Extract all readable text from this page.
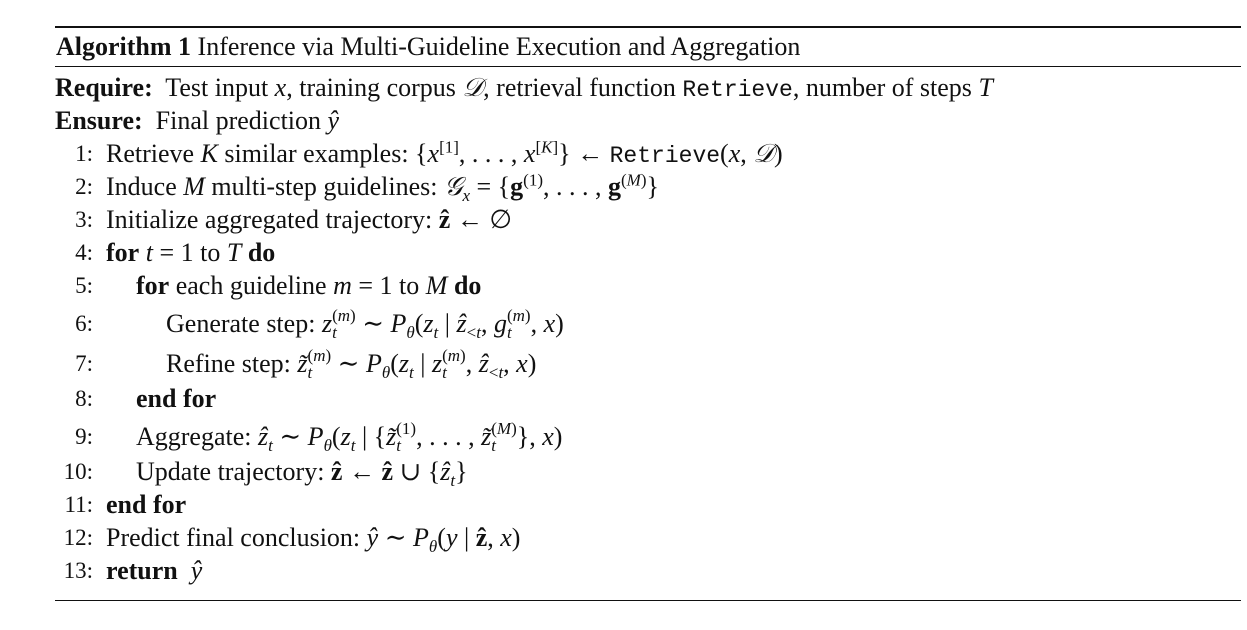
Algorithm 1 Inference via Multi-Guideline Execution and Aggregation
Require: Test input x, training corpus 𝒟, retrieval function Retrieve, number of steps T
Ensure: Final prediction ŷ
1: Retrieve K similar examples: {x[1], . . . , x[K]} ← Retrieve(x, 𝒟)
2: Induce M multi-step guidelines: 𝒢$_x$ = {$g^{(1)}$, . . . , $g^{(M)}$}
3: Initialize aggregated trajectory: ẑ ← ∅
4: for t = 1 to T do
5: for each guideline m = 1 to M do
6:	Generate step: z (m)
t ∼ $P_\theta(z_t$ | ẑ$_{<t}$, g (m)
t , x)
7:	Refine step: z̃ (m)
t ∼ $P_\theta(z_t$ | z (m)
t , ẑ$_{<t}$, x)
8: end for
9: Aggregate: ẑ$_t$ ∼ $P_\theta(z_t$ | {z̃ (1)
t , . . . , z̃ (M)
t }, x)
10: Update trajectory: ẑ ← ẑ ∪ {ẑ$_t$}
11: end for
12: Predict final conclusion: ŷ ∼ $P_\theta(y$ | ẑ, x)
13: return ŷ
